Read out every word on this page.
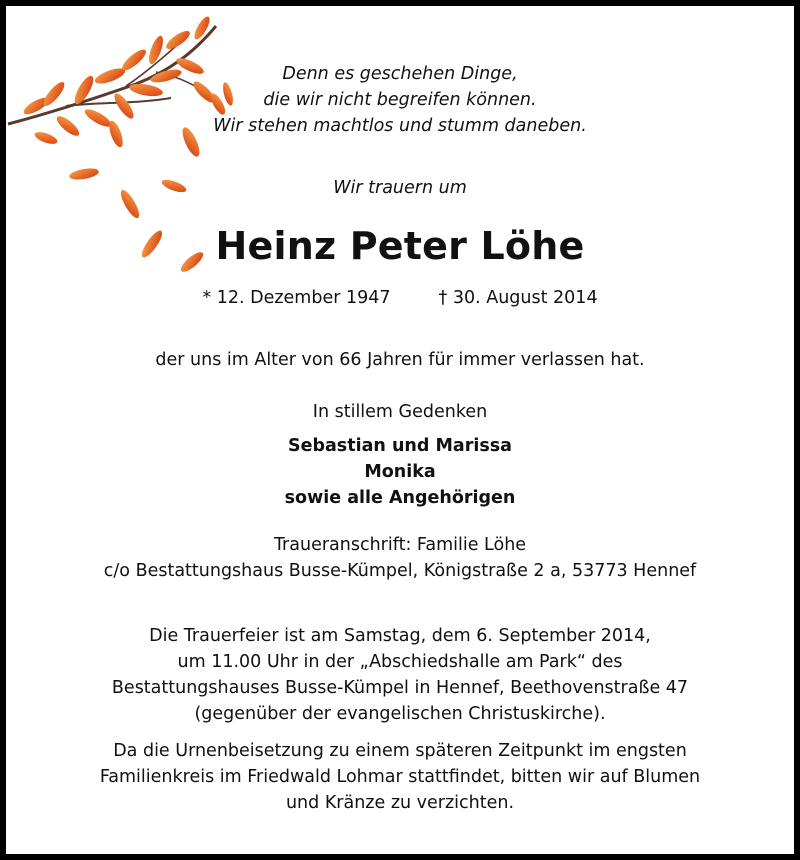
Denn es geschehen Dinge,
die wir nicht begreifen können.
Wir stehen machtlos und stumm daneben.
Wir trauern um
Heinz Peter Löhe
* 12. Dezember 1947	† 30. August 2014
der uns im Alter von 66 Jahren für immer verlassen hat.
In stillem Gedenken
Sebastian und Marissa
Monika
sowie alle Angehörigen
Traueranschrift: Familie Löhe
c/o Bestattungshaus Busse-Kümpel, Königstraße 2 a, 53773 Hennef
Die Trauerfeier ist am Samstag, dem 6. September 2014,
um 11.00 Uhr in der „Abschiedshalle am Park“ des
Bestattungshauses Busse-Kümpel in Hennef, Beethovenstraße 47
(gegenüber der evangelischen Christuskirche).
Da die Urnenbeisetzung zu einem späteren Zeitpunkt im engsten
Familienkreis im Friedwald Lohmar stattfindet, bitten wir auf Blumen
und Kränze zu verzichten.
